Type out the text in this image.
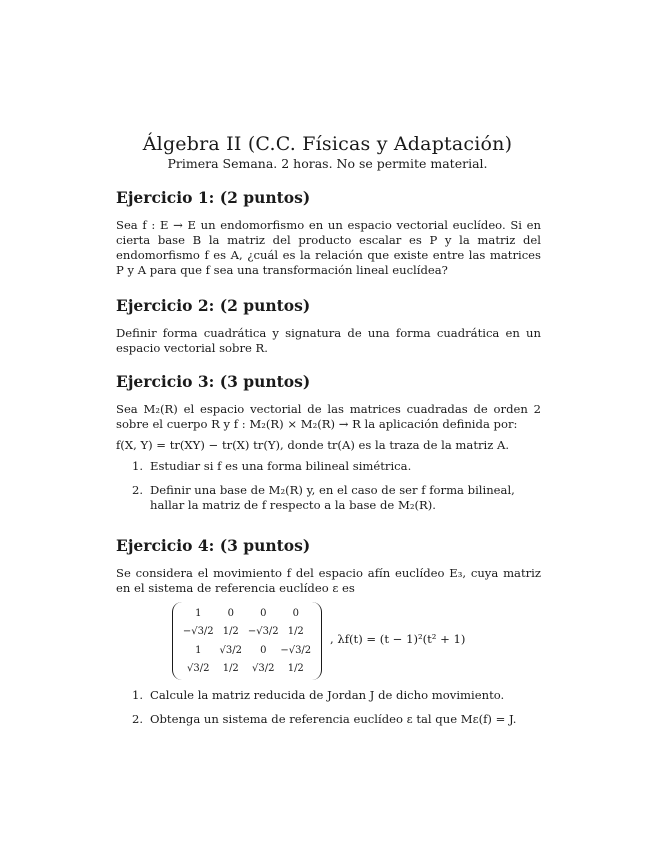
Álgebra II (C.C. Físicas y Adaptación)
Primera Semana. 2 horas. No se permite material.
Ejercicio 1: (2 puntos)

Sea f : E → E un endomorfismo en un espacio vectorial euclídeo. Si en cierta base B la matriz del producto escalar es P y la matriz del endomorfismo f es A, ¿cuál es la relación que existe entre las matrices P y A para que f sea una transformación lineal euclídea?

Ejercicio 2: (2 puntos)

Definir forma cuadrática y signatura de una forma cuadrática en un espacio vectorial sobre R.

Ejercicio 3: (3 puntos)

Sea M₂(R) el espacio vectorial de las matrices cuadradas de orden 2 sobre el cuerpo R y f : M₂(R) × M₂(R) → R la aplicación definida por:

f(X, Y) = tr(XY) − tr(X) tr(Y), donde tr(A) es la traza de la matriz A.

1. Estudiar si f es una forma bilineal simétrica.
2. Definir una base de M₂(R) y, en el caso de ser f forma bilineal, hallar la matriz de f respecto a la base de M₂(R).
Ejercicio 4: (3 puntos)

Se considera el movimiento f del espacio afín euclídeo E₃, cuya matriz en el sistema de referencia euclídeo ε es

1	0	0	0
−√3/2 1/2 −√3/2 1/2
1	√3/2	0	−√3/2
√3/2	1/2	√3/2	1/2
, λf(t) = (t − 1)²(t² + 1)
1. Calcule la matriz reducida de Jordan J de dicho movimiento.
2. Obtenga un sistema de referencia euclídeo ε tal que Mε(f) = J.
